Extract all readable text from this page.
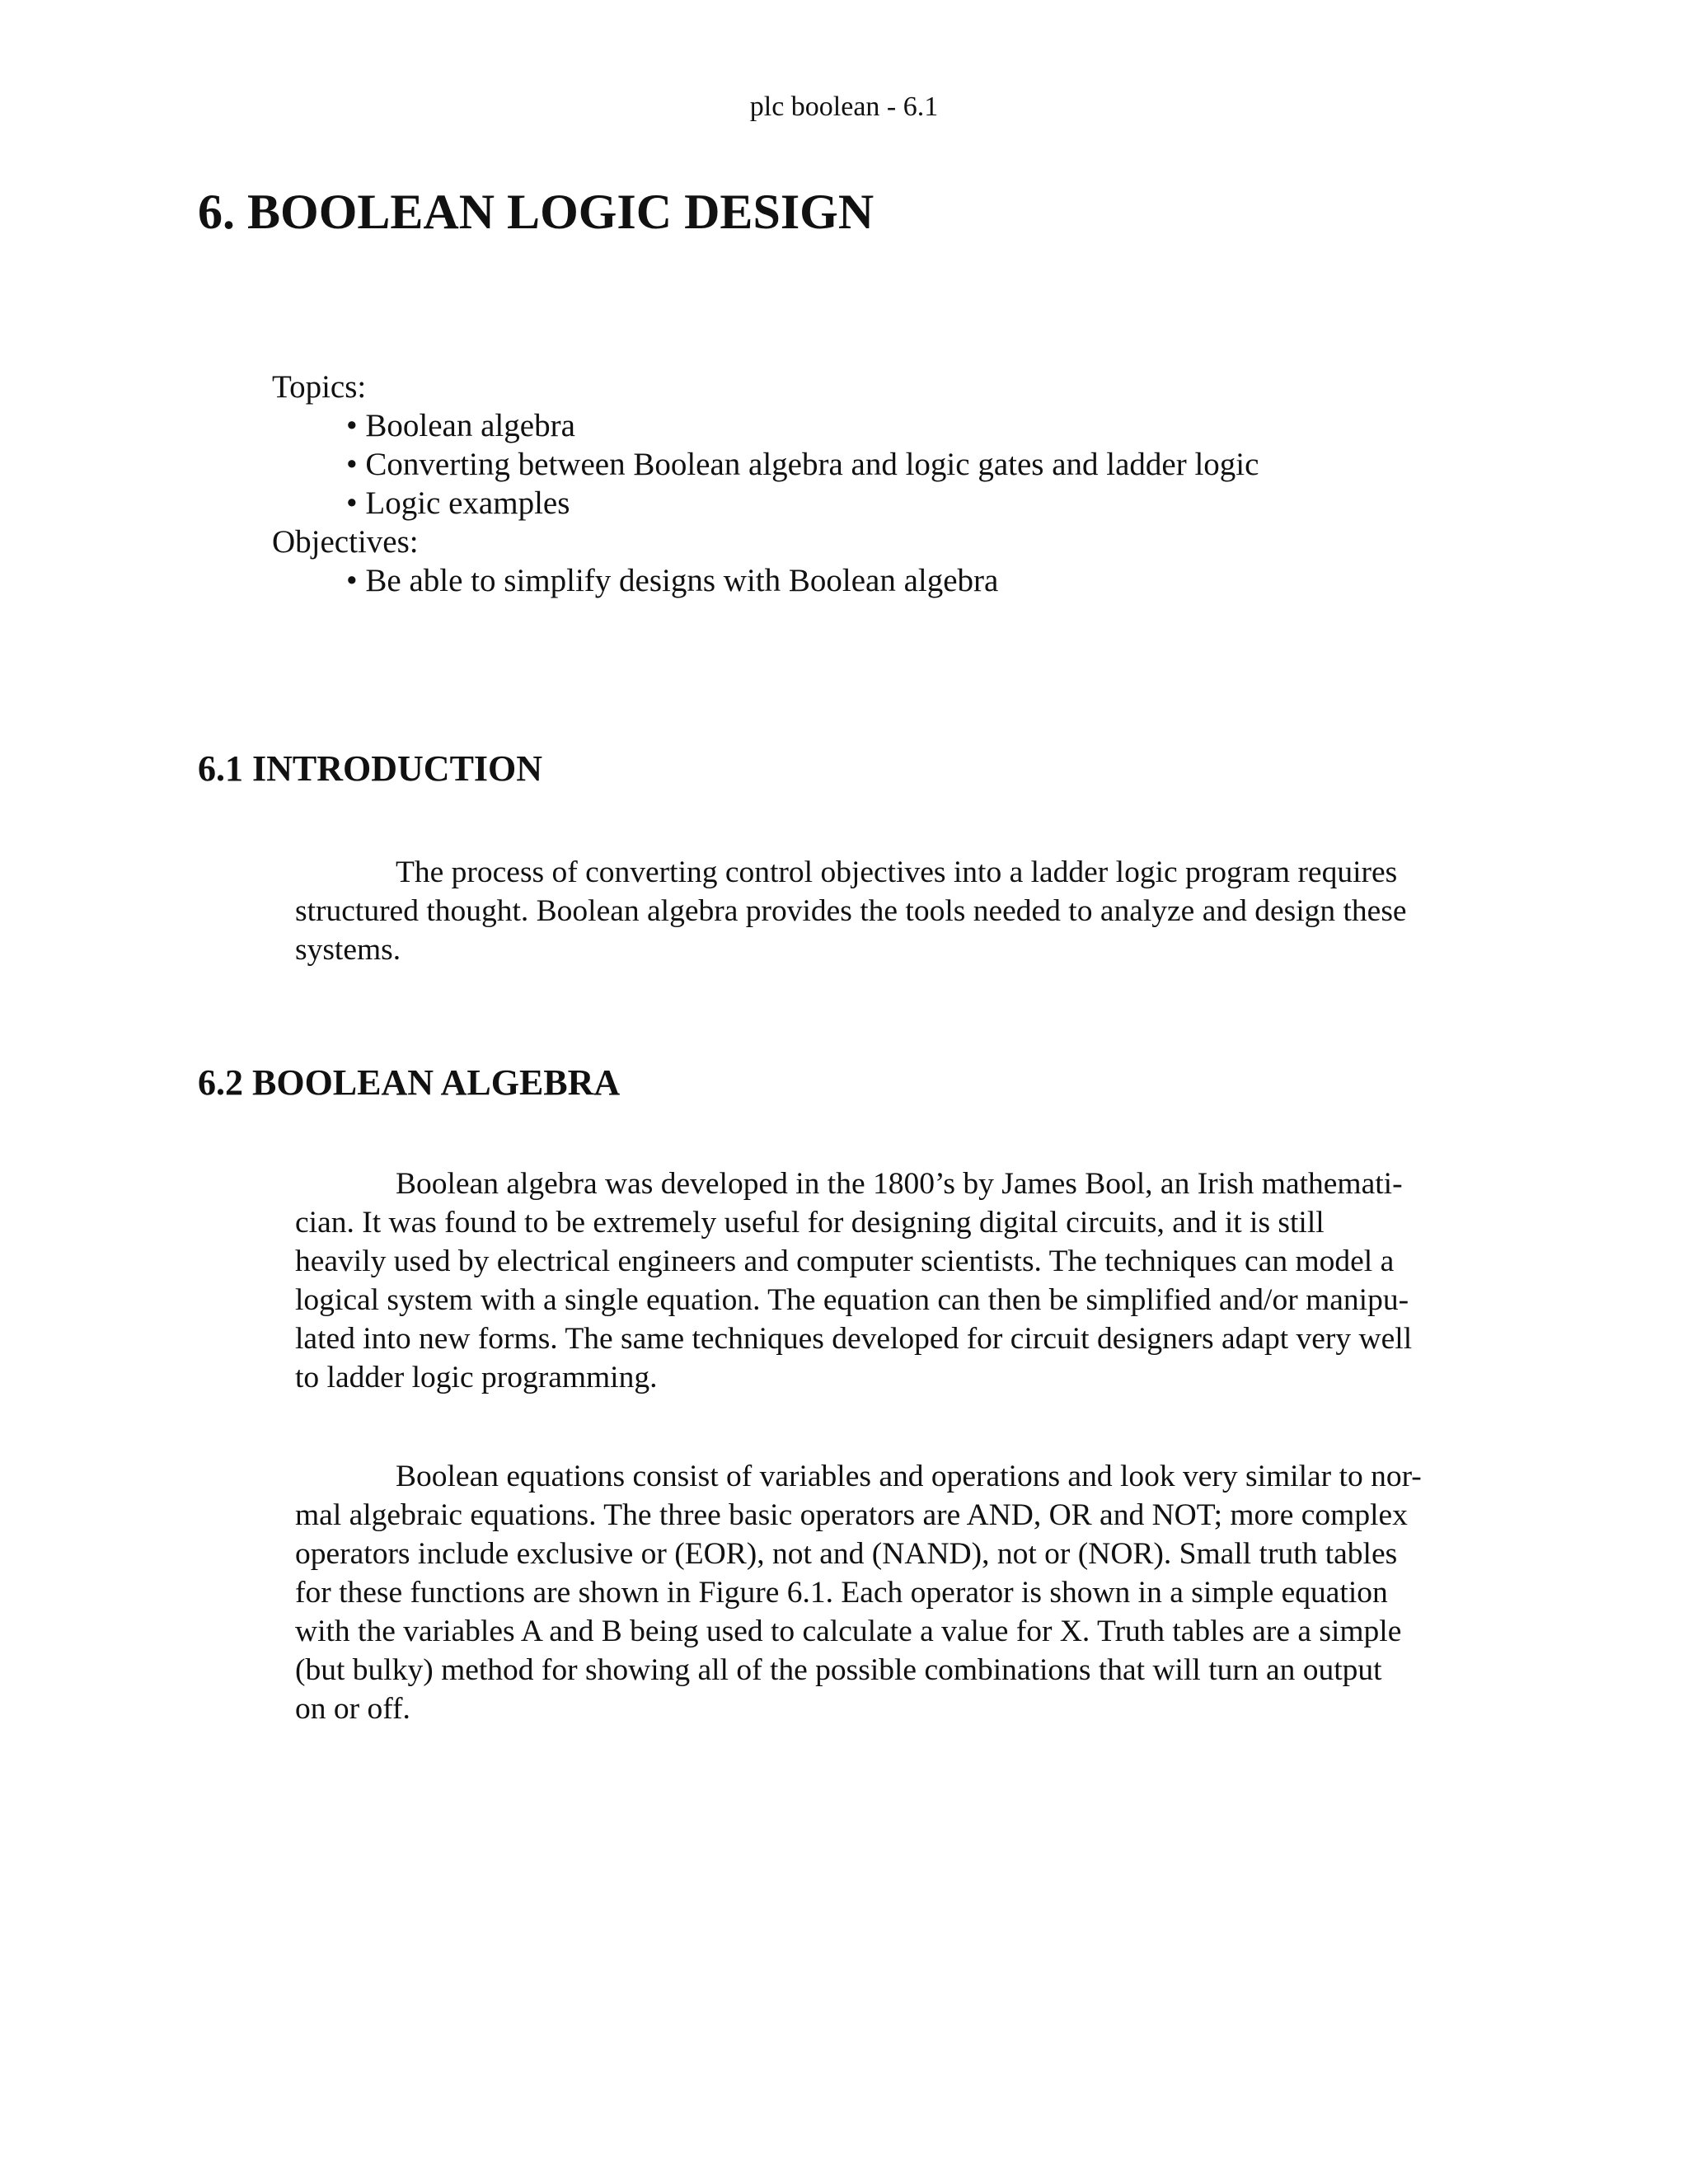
plc boolean - 6.1
6. BOOLEAN LOGIC DESIGN
Topics:
• Boolean algebra
• Converting between Boolean algebra and logic gates and ladder logic
• Logic examples
Objectives:
• Be able to simplify designs with Boolean algebra
6.1 INTRODUCTION

The process of converting control objectives into a ladder logic program requires
structured thought. Boolean algebra provides the tools needed to analyze and design these
systems.

6.2 BOOLEAN ALGEBRA

Boolean algebra was developed in the 1800’s by James Bool, an Irish mathemati-
cian. It was found to be extremely useful for designing digital circuits, and it is still
heavily used by electrical engineers and computer scientists. The techniques can model a
logical system with a single equation. The equation can then be simplified and/or manipu-
lated into new forms. The same techniques developed for circuit designers adapt very well
to ladder logic programming.

Boolean equations consist of variables and operations and look very similar to nor-
mal algebraic equations. The three basic operators are AND, OR and NOT; more complex
operators include exclusive or (EOR), not and (NAND), not or (NOR). Small truth tables
for these functions are shown in Figure 6.1. Each operator is shown in a simple equation
with the variables A and B being used to calculate a value for X. Truth tables are a simple
(but bulky) method for showing all of the possible combinations that will turn an output
on or off.
